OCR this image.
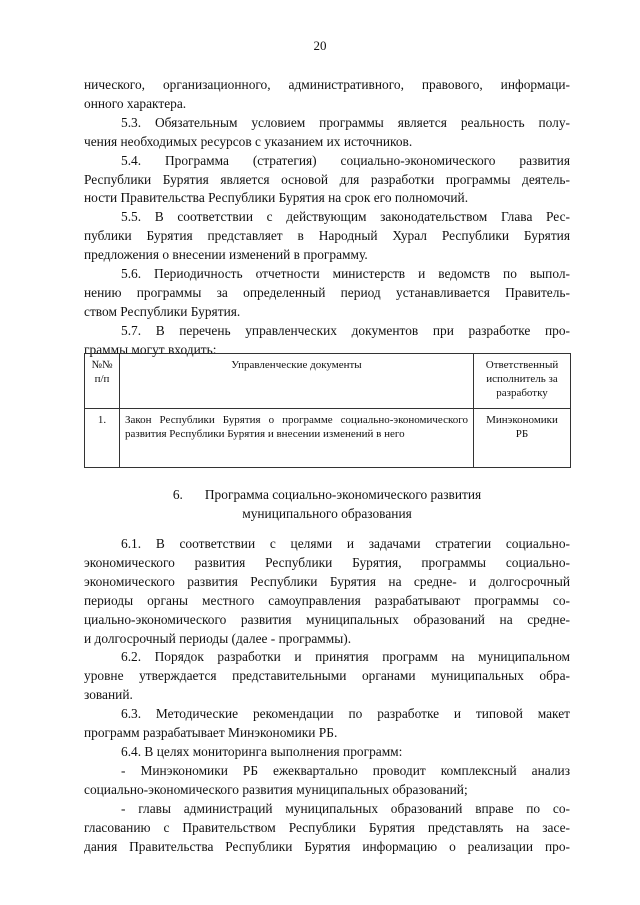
20
нического, организационного, административного, правового, информаци-
онного характера.
5.3. Обязательным условием программы является реальность полу-
чения необходимых ресурсов с указанием их источников.
5.4. Программа (стратегия) социально-экономического развития
Республики Бурятия является основой для разработки программы деятель-
ности Правительства Республики Бурятия на срок его полномочий.
5.5. В соответствии с действующим законодательством Глава Рес-
публики Бурятия представляет в Народный Хурал Республики Бурятия
предложения о внесении изменений в программу.
5.6. Периодичность отчетности министерств и ведомств по выпол-
нению программы за определенный период устанавливается Правитель-
ством Республики Бурятия.
5.7. В перечень управленческих документов при разработке про-
граммы могут входить:
№№ п/п	Управленческие документы	Ответственный исполнитель за разработку
1.	Закон Республики Бурятия о программе социально-экономического развития Республики Бурятия и внесении изменений в него	Минэкономики РБ
6. Программа социально-экономического развития
муниципального образования
6.1. В соответствии с целями и задачами стратегии социально-
экономического развития Республики Бурятия, программы социально-
экономического развития Республики Бурятия на средне- и долгосрочный
периоды органы местного самоуправления разрабатывают программы со-
циально-экономического развития муниципальных образований на средне-
и долгосрочный периоды (далее - программы).
6.2. Порядок разработки и принятия программ на муниципальном
уровне утверждается представительными органами муниципальных обра-
зований.
6.3. Методические рекомендации по разработке и типовой макет
программ разрабатывает Минэкономики РБ.
6.4. В целях мониторинга выполнения программ:
- Минэкономики РБ ежеквартально проводит комплексный анализ
социально-экономического развития муниципальных образований;
- главы администраций муниципальных образований вправе по со-
гласованию с Правительством Республики Бурятия представлять на засе-
дания Правительства Республики Бурятия информацию о реализации про-
